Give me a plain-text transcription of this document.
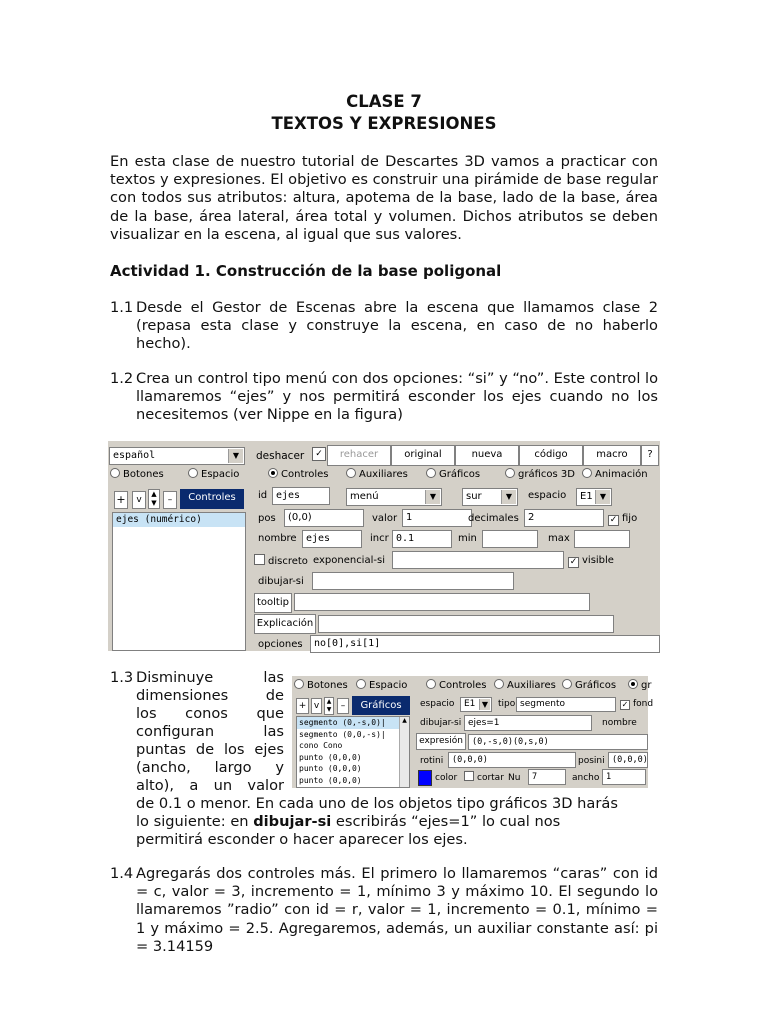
CLASE 7
TEXTOS Y EXPRESIONES
En esta clase de nuestro tutorial de Descartes 3D vamos a practicar con textos y expresiones. El objetivo es construir una pirámide de base regular con todos sus atributos: altura, apotema de la base, lado de la base, área de la base, área lateral, área total y volumen. Dichos atributos se deben visualizar en la escena, al igual que sus valores.
Actividad 1. Construcción de la base poligonal
1.1 Desde el Gestor de Escenas abre la escena que llamamos clase 2 (repasa esta clase y construye la escena, en caso de no haberlo hecho).
1.2 Crea un control tipo menú con dos opciones: “si” y “no”. Este control lo llamaremos “ejes” y nos permitirá esconder los ejes cuando no los necesitemos (ver Nippe en la figura)
español	▼	deshacer	✓	rehacer	original	nueva	código	macro	?
Botones	Espacio	Controles	Auxiliares	Gráficos	gráficos 3D	Animación
+	v
▲
▼	–	Controles
ejes (numérico)
id ejes	menú	▼	sur	▼	espacio	E1 ▼
pos	(0,0)	valor 1	decimales 2	✓ fijo
nombre ejes	incr 0.1	min	max
discreto exponencial-si	✓ visible
dibujar-si
tooltip
Explicación
opciones	no[0],si[1]
1.3 Disminuye las
dimensiones de
los conos que
configuran las
puntas de los ejes
(ancho, largo y
alto), a un valor
de 0.1 o menor. En cada uno de los objetos tipo gráficos 3D harás
lo siguiente: en dibujar-si escribirás “ejes=1” lo cual nos
permitirá esconder o hacer aparecer los ejes.
Botones	Espacio	Controles	Auxiliares	Gráficos	gr
+ v	▲
▼	–	Gráficos
segmento (0,-s,0)|
segmento (0,0,-s)|
cono Cono
punto (0,0,0)
punto (0,0,0)
punto (0,0,0)
▲
espacio	E1 ▼ tipo segmento	✓ fond
dibujar-si ejes=1	nombre
expresión	(0,-s,0)(0,s,0)
rotini	(0,0,0)	posini (0,0,0)
color	cortar Nu	7	ancho 1
1.4 Agregarás dos controles más. El primero lo llamaremos “caras” con id = c, valor = 3, incremento = 1, mínimo 3 y máximo 10. El segundo lo llamaremos ”radio” con id = r, valor = 1, incremento = 0.1, mínimo = 1 y máximo = 2.5. Agregaremos, además, un auxiliar constante así: pi = 3.14159
